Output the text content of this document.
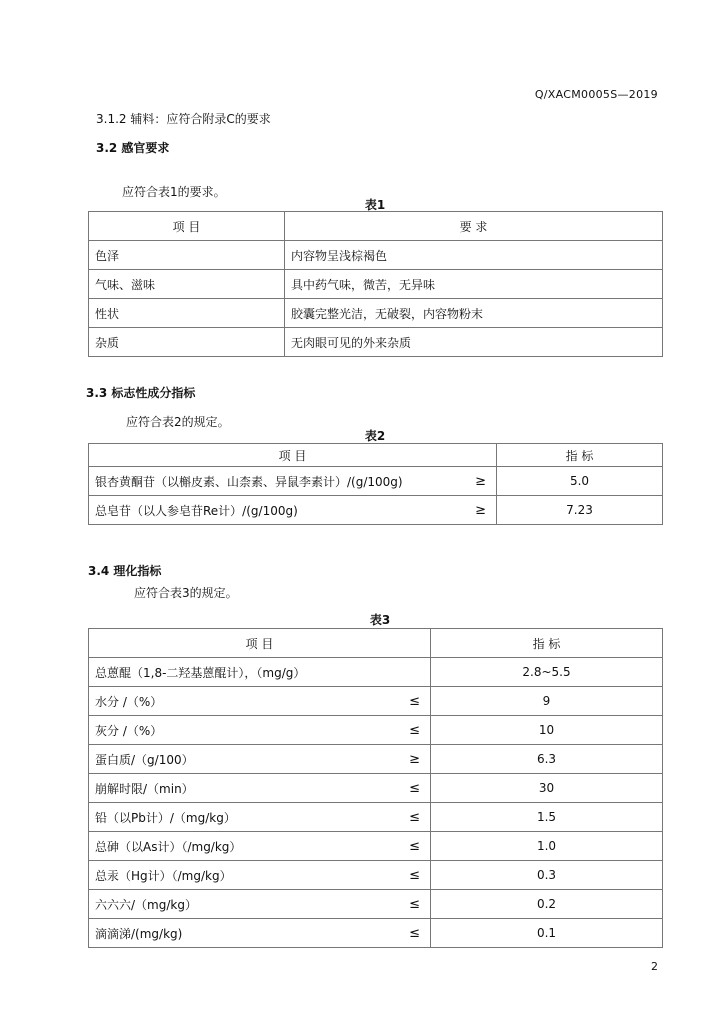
Q/XACM0005S—2019
3.1.2 辅料：应符合附录C的要求
3.2 感官要求
应符合表1的要求。
表1
项 目	要 求
色泽	内容物呈浅棕褐色
气味、滋味	具中药气味，微苦，无异味
性状	胶囊完整光洁，无破裂，内容物粉末
杂质	无肉眼可见的外来杂质
3.3 标志性成分指标
应符合表2的规定。
表2
项 目	指 标

银杏黄酮苷（以槲皮素、山柰素、异鼠李素计）/(g/100g) ≥	5.0

总皂苷（以人参皂苷Re计）/(g/100g) ≥	7.23
3.4 理化指标
应符合表3的规定。
表3
项 目	指 标

总蒽醌（1,8-二羟基蒽醌计），（mg/g）	2.8~5.5

水分 /（%） ≤	9

灰分 /（%） ≤	10

蛋白质/（g/100） ≥	6.3

崩解时限/（min） ≤	30

铅（以Pb计）/（mg/kg） ≤	1.5

总砷（以As计）（/mg/kg） ≤	1.0

总汞（Hg计）（/mg/kg） ≤	0.3

六六六/（mg/kg） ≤	0.2

滴滴涕/(mg/kg) ≤	0.1
2
